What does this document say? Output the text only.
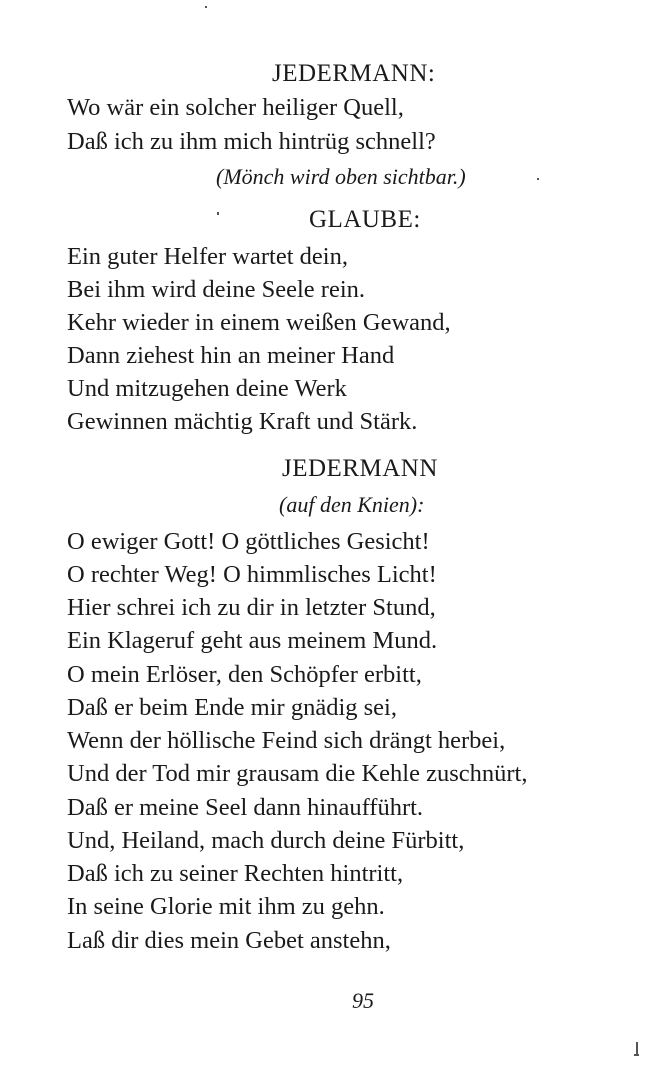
JEDERMANN:
Wo wär ein solcher heiliger Quell,
Daß ich zu ihm mich hintrüg schnell?
(Mönch wird oben sichtbar.)
GLAUBE:
Ein guter Helfer wartet dein,
Bei ihm wird deine Seele rein.
Kehr wieder in einem weißen Gewand,
Dann ziehest hin an meiner Hand
Und mitzugehen deine Werk
Gewinnen mächtig Kraft und Stärk.
JEDERMANN
(auf den Knien):
O ewiger Gott! O göttliches Gesicht!
O rechter Weg! O himmlisches Licht!
Hier schrei ich zu dir in letzter Stund,
Ein Klageruf geht aus meinem Mund.
O mein Erlöser, den Schöpfer erbitt,
Daß er beim Ende mir gnädig sei,
Wenn der höllische Feind sich drängt herbei,
Und der Tod mir grausam die Kehle zuschnürt,
Daß er meine Seel dann hinaufführt.
Und, Heiland, mach durch deine Fürbitt,
Daß ich zu seiner Rechten hintritt,
In seine Glorie mit ihm zu gehn.
Laß dir dies mein Gebet anstehn,
95
